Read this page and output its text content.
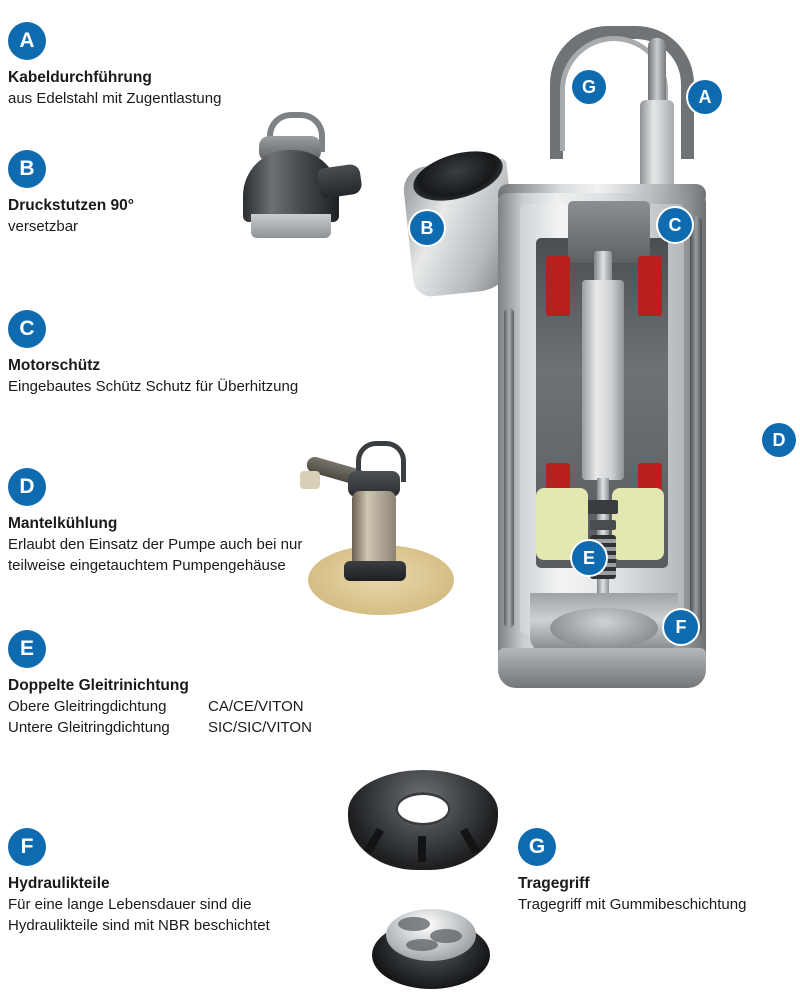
A

Kabeldurchführung

aus Edelstahl mit Zugentlastung

B

Druckstutzen 90°

versetzbar

C

Motorschütz

Eingebautes Schütz Schutz für Überhitzung

D

Mantelkühlung

Erlaubt den Einsatz der Pumpe auch bei nur teilweise eingetauchtem Pumpengehäuse

E

Doppelte Gleitrinichtung

Obere Gleitringdichtung	CA/CE/VITON
Untere Gleitringdichtung	SIC/SIC/VITON
F

Hydraulikteile

Für eine lange Lebensdauer sind die Hydraulikteile sind mit NBR beschichtet

G

Tragegriff

Tragegriff mit Gummibeschichtung

G	A
B	C
D
E
F
